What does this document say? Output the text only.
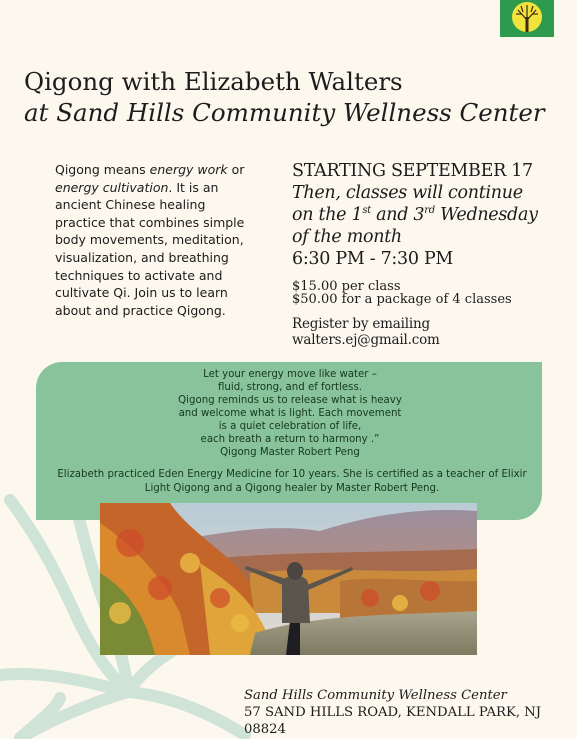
Qigong with Elizabeth Walters
at Sand Hills Community Wellness Center
Qigong means energy work or energy cultivation. It is an ancient Chinese healing practice that combines simple body movements, meditation, visualization, and breathing techniques to activate and cultivate Qi. Join us to learn about and practice Qigong.
STARTING SEPTEMBER 17
Then, classes will continue
on the 1st and 3rd Wednesday
of the month
6:30 PM - 7:30 PM
$15.00 per class
$50.00 for a package of 4 classes
Register by emailing walters.ej@gmail.com
Let your energy move like water –
fluid, strong, and ef fortless.
Qigong reminds us to release what is heavy
and welcome what is light. Each movement
is a quiet celebration of life,
each breath a return to harmony .”
Qigong Master Robert Peng
Elizabeth practiced Eden Energy Medicine for 10 years. She is certified as a teacher of Elixir Light Qigong and a Qigong healer by Master Robert Peng.
Sand Hills Community Wellness Center
57 SAND HILLS ROAD, KENDALL PARK, NJ 08824
